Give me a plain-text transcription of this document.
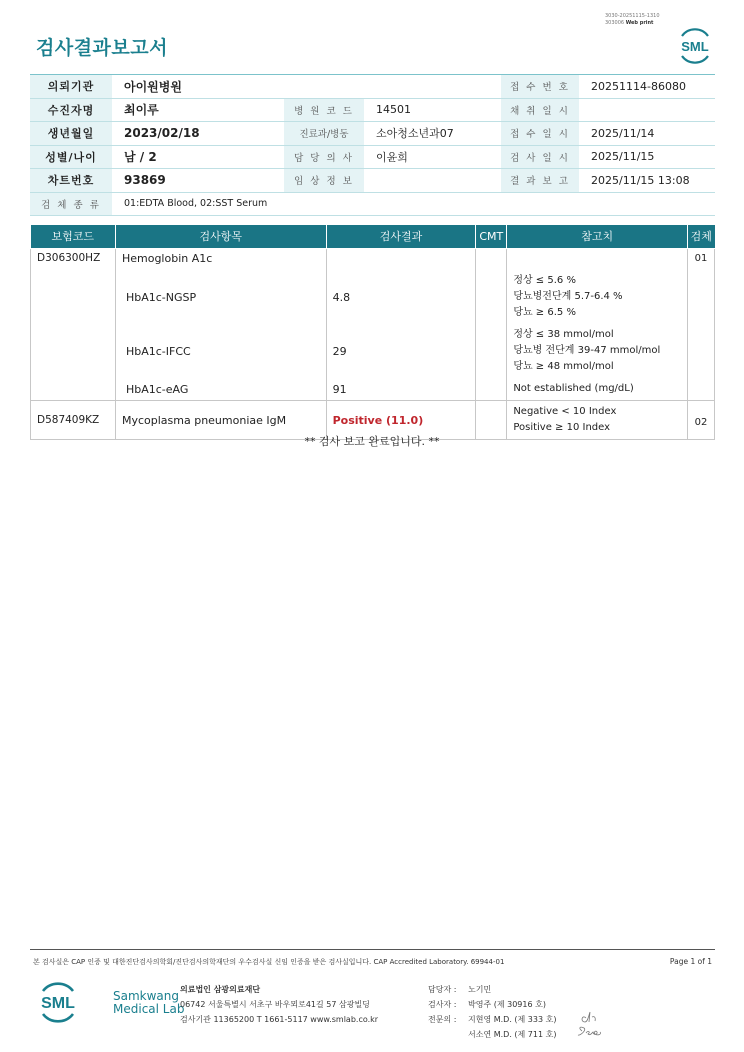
검사결과보고서
3030-20251115-1310
303006 Web print
SML
의뢰기관	아이원병원			접 수 번 호	20251114-86080
수진자명	최이루	병 원 코 드	14501	채 취 일 시	
생년월일	2023/02/18	진료과/병동	소아청소년과07	접 수 일 시	2025/11/14
성별/나이	남 / 2	담 당 의 사	이윤희	검 사 일 시	2025/11/15
차트번호	93869	임 상 정 보		결 과 보 고	2025/11/15 13:08
검 체 종 류	01:EDTA Blood, 02:SST Serum				
보험코드	검사항목	검사결과	CMT	참고치	검체
D306300HZ	Hemoglobin A1c				01
	HbA1c-NGSP	4.8		정상 ≤ 5.6 %
당뇨병전단계 5.7-6.4 %
당뇨 ≥ 6.5 %	

	HbA1c-IFCC	29		정상 ≤ 38 mmol/mol
당뇨병 전단계 39-47 mmol/mol
당뇨 ≥ 48 mmol/mol	

	HbA1c-eAG	91		Not established (mg/dL)	
D587409KZ	Mycoplasma pneumoniae IgM	Positive (11.0)		Negative < 10 Index
Positive ≥ 10 Index	02
** 검사 보고 완료입니다. **
본 검사실은 CAP 인증 및 대한진단검사의학회/진단검사의학재단의 우수검사실 신임 인증을 받은 검사실입니다. CAP Accredited Laboratory. 69944-01	Page 1 of 1
SML	Samkwang
Medical Lab
의료법인 삼광의료재단
06742 서울특별시 서초구 바우뫼로41길 57 삼광빌딩
검사기관 11365200 T 1661-5117 www.smlab.co.kr
담당자 :	노기민
검사자 :	박영주 (제 30916 호)
전문의 :	지현영 M.D. (제 333 호)
서소연 M.D. (제 711 호)
